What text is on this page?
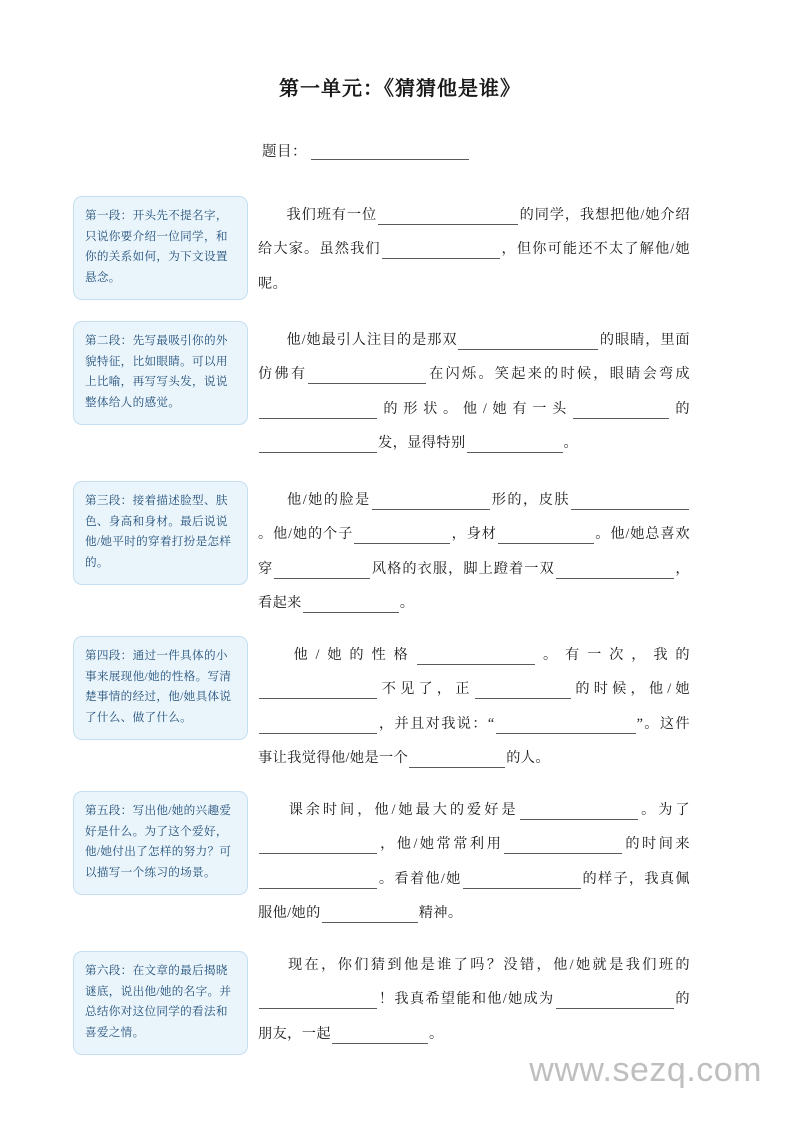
第一单元：《猜猜他是谁》
题目：
第一段：开头先不提名字，只说你要介绍一位同学，和你的关系如何，为下文设置悬念。
我们班有一位	的同学，我想把他/她介绍给大家。虽然我们	，但你可能还不太了解他/她呢。
第二段：先写最吸引你的外貌特征，比如眼睛。可以用上比喻，再写写头发，说说整体给人的感觉。
他/她最引人注目的是那双	的眼睛，里面仿佛有	在闪烁。笑起来的时候，眼睛会弯成的形状。他/她有一头	的发，显得特别	。
第三段：接着描述脸型、肤色、身高和身材。最后说说他/她平时的穿着打扮是怎样的。
他/她的脸是	形的，皮肤。他/她的个子	，身材	。他/她总喜欢穿	风格的衣服，脚上蹬着一双	，看起来	。
第四段：通过一件具体的小事来展现他/她的性格。写清楚事情的经过，他/她具体说了什么、做了什么。
他/她的性格	。有一次，我的不见了，正	的时候，他/她，并且对我说：“	”。这件事让我觉得他/她是一个	的人。
第五段：写出他/她的兴趣爱好是什么。为了这个爱好，他/她付出了怎样的努力？可以描写一个练习的场景。
课余时间，他/她最大的爱好是	。为了，他/她常常利用	的时间来。看着他/她	的样子，我真佩服他/她的	精神。
第六段：在文章的最后揭晓谜底，说出他/她的名字。并总结你对这位同学的看法和喜爱之情。
现在，你们猜到他是谁了吗？没错，他/她就是我们班的！我真希望能和他/她成为	的朋友，一起	。
www.sezq.com
